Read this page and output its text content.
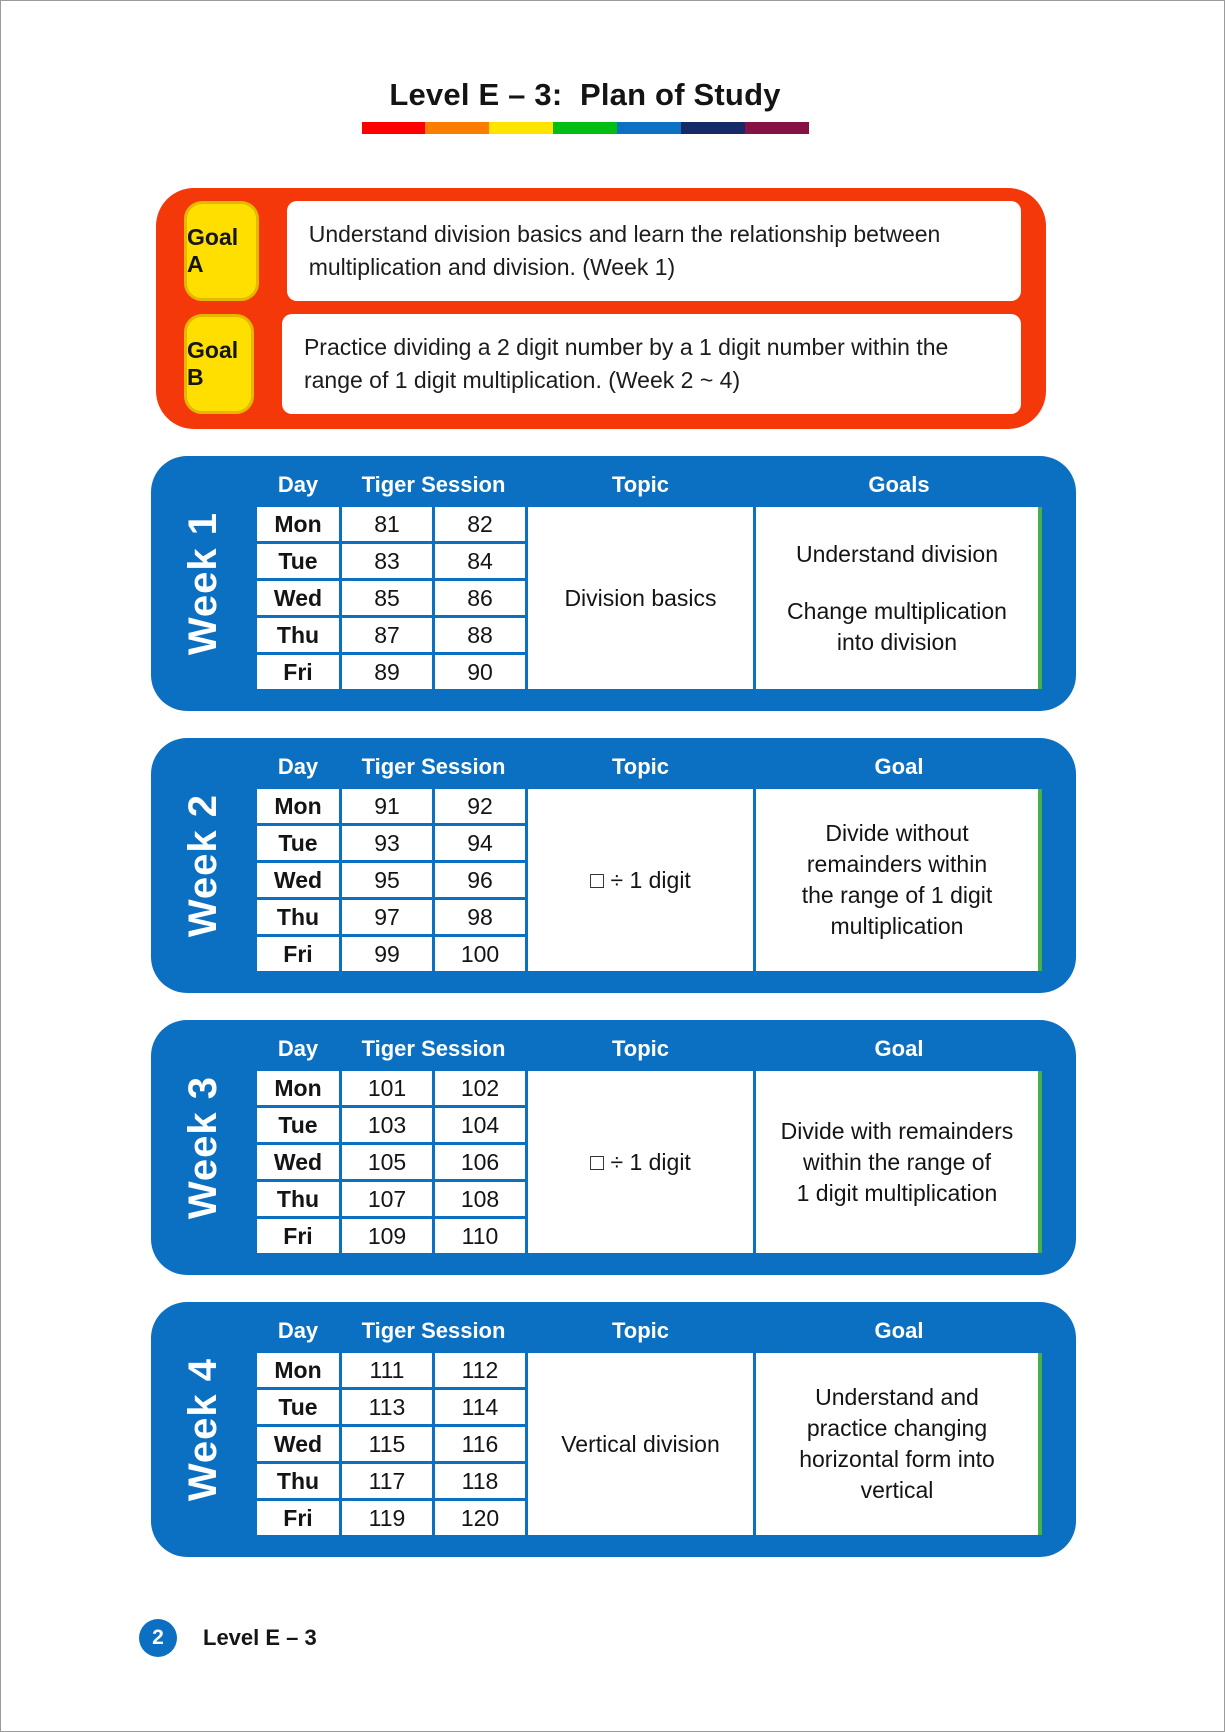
Level E – 3:  Plan of Study
Goal A
Understand division basics and learn the relationship between multiplication and division. (Week 1)
Goal B
Practice dividing a 2 digit number by a 1 digit number within the range of 1 digit multiplication. (Week 2 ~ 4)
Week 1
Day	Tiger Session	Topic	Goals
Mon	81	82
Tue	83	84
Wed	85	86
Thu	87	88
Fri	89	90
Division basics
Understand division
Change multiplication
into division
Week 2
Day	Tiger Session	Topic	Goal
Mon	91	92
Tue	93	94
Wed	95	96
Thu	97	98
Fri	99	100
□ ÷ 1 digit
Divide without
remainders within
the range of 1 digit
multiplication
Week 3
Day	Tiger Session	Topic	Goal
Mon	101	102
Tue	103	104
Wed	105	106
Thu	107	108
Fri	109	110
□ ÷ 1 digit
Divide with remainders
within the range of
1 digit multiplication
Week 4
Day	Tiger Session	Topic	Goal
Mon	111	112
Tue	113	114
Wed	115	116
Thu	117	118
Fri	119	120
Vertical division
Understand and
practice changing
horizontal form into
vertical
2	Level E – 3
